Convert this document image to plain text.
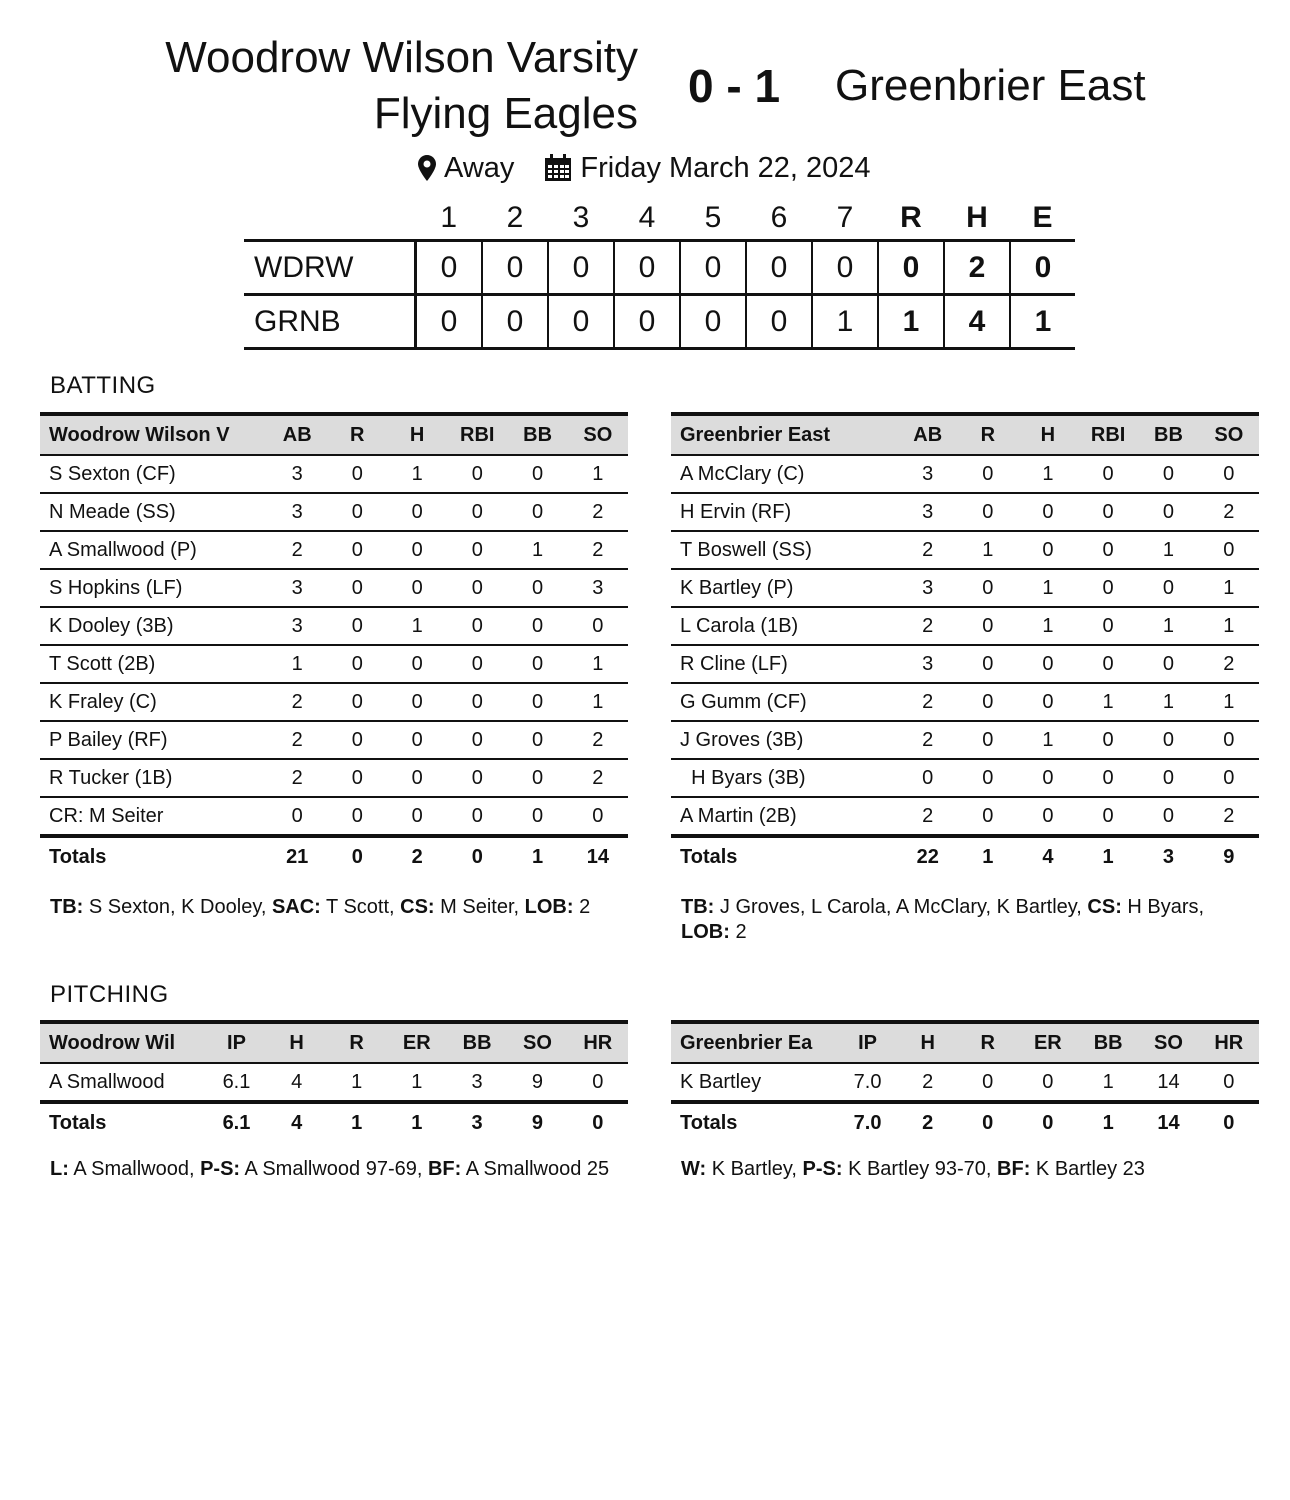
Woodrow Wilson Varsity
Flying Eagles
0 - 1 Greenbrier East
Away Friday March 22, 2024
	1	2	3	4	5	6	7	R	H	E
WDRW	0	0	0	0	0	0	0	0	2	0
GRNB	0	0	0	0	0	0	1	1	4	1
BATTING
Woodrow Wilson V	AB	R	H	RBI	BB	SO
S Sexton (CF)	3	0	1	0	0	1
N Meade (SS)	3	0	0	0	0	2
A Smallwood (P)	2	0	0	0	1	2
S Hopkins (LF)	3	0	0	0	0	3
K Dooley (3B)	3	0	1	0	0	0
T Scott (2B)	1	0	0	0	0	1
K Fraley (C)	2	0	0	0	0	1
P Bailey (RF)	2	0	0	0	0	2
R Tucker (1B)	2	0	0	0	0	2
CR: M Seiter	0	0	0	0	0	0
Totals	21	0	2	0	1	14
Greenbrier East	AB	R	H	RBI	BB	SO
A McClary (C)	3	0	1	0	0	0
H Ervin (RF)	3	0	0	0	0	2
T Boswell (SS)	2	1	0	0	1	0
K Bartley (P)	3	0	1	0	0	1
L Carola (1B)	2	0	1	0	1	1
R Cline (LF)	3	0	0	0	0	2
G Gumm (CF)	2	0	0	1	1	1
J Groves (3B)	2	0	1	0	0	0
H Byars (3B)	0	0	0	0	0	0
A Martin (2B)	2	0	0	0	0	2
Totals	22	1	4	1	3	9
TB: S Sexton, K Dooley, SAC: T Scott, CS: M Seiter, LOB: 2	TB: J Groves, L Carola, A McClary, K Bartley, CS: H Byars, LOB: 2
PITCHING
Woodrow Wil	IP	H	R	ER	BB	SO	HR
A Smallwood	6.1	4	1	1	3	9	0
Totals	6.1	4	1	1	3	9	0
Greenbrier Ea	IP	H	R	ER	BB	SO	HR
K Bartley	7.0	2	0	0	1	14	0
Totals	7.0	2	0	0	1	14	0
L: A Smallwood, P-S: A Smallwood 97-69, BF: A Smallwood 25	W: K Bartley, P-S: K Bartley 93-70, BF: K Bartley 23
